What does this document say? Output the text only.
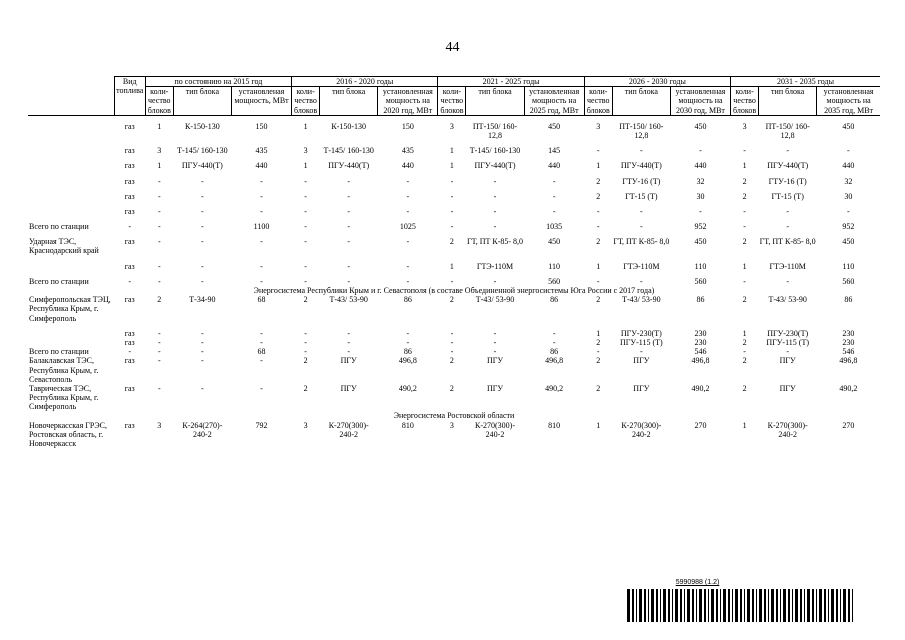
44
	Вид топлива	по состоянию на 2015 год			2016 - 2020 годы			2021 - 2025 годы			2026 - 2030 годы			2031 - 2035 годы		
		коли- чество блоков	тип блока	установленая мощность, МВт	коли- чество блоков	тип блока	установленная мощность на 2020 год, МВт	коли- чество блоков	тип блока	установленная мощность на 2025 год, МВт	коли- чество блоков	тип блока	установленная мощность на 2030 год, МВт	коли- чество блоков	тип блока	установленная мощность на 2035 год, МВт
	газ	1	К-150-130	150	1	К-150-130	150	3	ПТ-150/ 160-12,8	450	3	ПТ-150/ 160-12,8	450	3	ПТ-150/ 160-12,8	450
	газ	3	Т-145/ 160-130	435	3	Т-145/ 160-130	435	1	Т-145/ 160-130	145	-	-	-	-	-	-
	газ	1	ПГУ-440(Т)	440	1	ПГУ-440(Т)	440	1	ПГУ-440(Т)	440	1	ПГУ-440(Т)	440	1	ПГУ-440(Т)	440
	газ	-	-	-	-	-	-	-	-	-	2	ГТУ-16 (Т)	32	2	ГТУ-16 (Т)	32
	газ	-	-	-	-	-	-	-	-	-	2	ГТ-15 (Т)	30	2	ГТ-15 (Т)	30
	газ	-	-	-	-	-	-	-	-	-	-	-	-	-	-	-
Всего по станции	-	-	-	1100	-	-	1025	-	-	1035	-	-	952	-	-	952
Ударная ТЭС, Краснодарский край	газ	-	-	-	-	-	-	2	ГТ, ПТ К-85- 8,0	450	2	ГТ, ПТ К-85- 8,0	450	2	ГТ, ПТ К-85- 8,0	450
	газ	-	-	-	-	-	-	1	ГТЭ-110М	110	1	ГТЭ-110М	110	1	ГТЭ-110М	110
Всего по станции	-	-	-	-	-	-	-	-	-	560	-	-	560	-	-	560
Энергосистема Республики Крым и г. Севастополя (в составе Объединенной энергосистемы Юга России с 2017 года)																
Симферопольская ТЭЦ, Республика Крым, г. Симферополь	газ	2	Т-34-90	68	2	Т-43/ 53-90	86	2	Т-43/ 53-90	86	2	Т-43/ 53-90	86	2	Т-43/ 53-90	86
	газ	-	-	-	-	-	-	-	-	-	1	ПГУ-230(Т)	230	1	ПГУ-230(Т)	230
	газ	-	-	-	-	-	-	-	-	-	2	ПГУ-115 (Т)	230	2	ПГУ-115 (Т)	230
Всего по станции	-	-	-	68	-	-	86	-	-	86	-	-	546	-	-	546
Балаклавская ТЭС, Республика Крым, г. Севастополь	газ	-	-	-	2	ПГУ	496,8	2	ПГУ	496,8	2	ПГУ	496,8	2	ПГУ	496,8
Таврическая ТЭС, Республика Крым, г. Симферополь	газ	-	-	-	2	ПГУ	490,2	2	ПГУ	490,2	2	ПГУ	490,2	2	ПГУ	490,2
Энергосистема Ростовской области																
Новочеркасская ГРЭС, Ростовская область, г. Новочеркасск	газ	3	К-264(270)- 240-2	792	3	К-270(300)- 240-2	810	3	К-270(300)- 240-2	810	1	К-270(300)- 240-2	270	1	К-270(300)- 240-2	270
5990988 (1.2)
